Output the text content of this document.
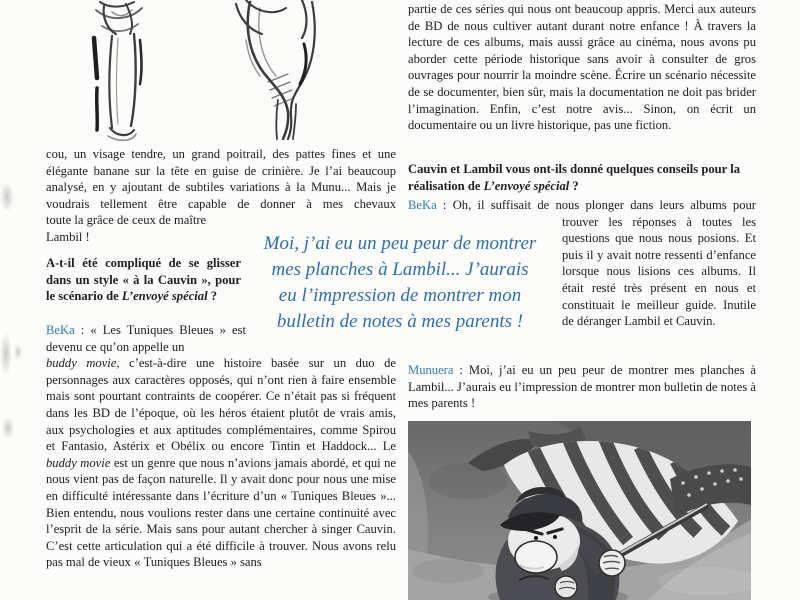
cou, un visage tendre, un grand poitrail, des pattes fines et une élégante banane sur la tête en guise de crinière. Je l’ai beaucoup analysé, en y ajoutant de subtiles variations à la Munu... Mais je voudrais tellement être capable de donner à mes chevaux
toute la grâce de ceux de maître Lambil !
A-t-il été compliqué de se glisser dans un style « à la Cauvin », pour le scénario de L’envoyé spécial ?
BeKa : « Les Tuniques Bleues » est devenu ce qu’on appelle un
buddy movie, c’est-à-dire une histoire basée sur un duo de personnages aux caractères opposés, qui n’ont rien à faire ensemble mais sont pourtant contraints de coopérer. Ce n’était pas si fréquent dans les BD de l’époque, où les héros étaient plutôt de vrais amis, aux psychologies et aux aptitudes complémentaires, comme Spirou et Fantasio, Astérix et Obélix ou encore Tintin et Haddock... Le buddy movie est un genre que nous n’avions jamais abordé, et qui ne nous vient pas de façon naturelle. Il y avait donc pour nous une mise en difficulté intéressante dans l’écriture d’un « Tuniques Bleues »... Bien entendu, nous voulions rester dans une certaine continuité avec l’esprit de la série. Mais sans pour autant chercher à singer Cauvin. C’est cette articulation qui a été difficile à trouver. Nous avons relu pas mal de vieux « Tuniques Bleues » sans
Moi, j’ai eu un peu peur de montrer
mes planches à Lambil... J’aurais
eu l’impression de montrer mon
bulletin de notes à mes parents !
partie de ces séries qui nous ont beaucoup appris. Merci aux auteurs de BD de nous cultiver autant durant notre enfance ! À travers la lecture de ces albums, mais aussi grâce au cinéma, nous avons pu aborder cette période historique sans avoir à consulter de gros ouvrages pour nourrir la moindre scène. Écrire un scénario nécessite de se documenter, bien sûr, mais la documentation ne doit pas brider l’imagination. Enfin, c’est notre avis... Sinon, on écrit un documentaire ou un livre historique, pas une fiction.
Cauvin et Lambil vous ont-ils donné quelques conseils pour la réalisation de L’envoyé spécial ?
BeKa : Oh, il suffisait de nous plonger dans leurs albums pour
trouver les réponses à toutes les questions que nous nous posions. Et puis il y avait notre ressenti d’enfance lorsque nous lisions ces albums. Il était resté très présent en nous et constituait le meilleur guide. Inutile de déranger Lambil et Cauvin.
Munuera : Moi, j’ai eu un peu peur de montrer mes planches à Lambil... J’aurais eu l’impression de montrer mon bulletin de notes à mes parents !
